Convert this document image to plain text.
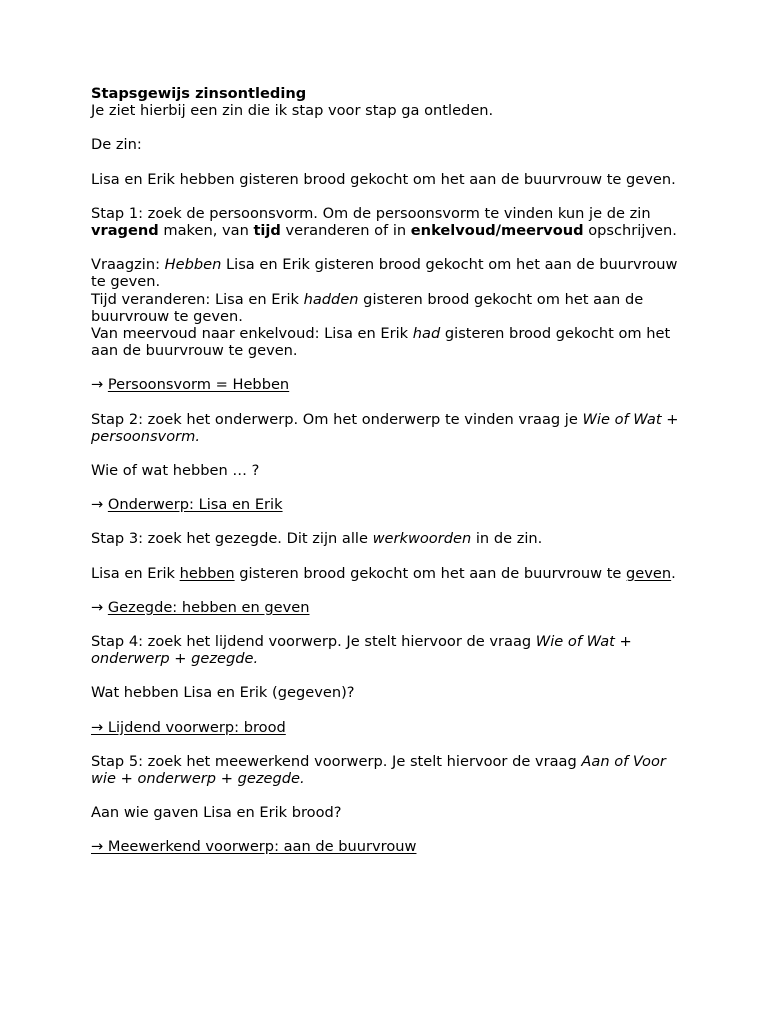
Stapsgewijs zinsontleding

Je ziet hierbij een zin die ik stap voor stap ga ontleden.

De zin:

Lisa en Erik hebben gisteren brood gekocht om het aan de buurvrouw te geven.

Stap 1: zoek de persoonsvorm. Om de persoonsvorm te vinden kun je de zin vragend maken, van tijd veranderen of in enkelvoud/meervoud opschrijven.

Vraagzin: Hebben Lisa en Erik gisteren brood gekocht om het aan de buurvrouw te geven.

Tijd veranderen: Lisa en Erik hadden gisteren brood gekocht om het aan de buurvrouw te geven.

Van meervoud naar enkelvoud: Lisa en Erik had gisteren brood gekocht om het aan de buurvrouw te geven.

→ Persoonsvorm = Hebben

Stap 2: zoek het onderwerp. Om het onderwerp te vinden vraag je Wie of Wat + persoonsvorm.

Wie of wat hebben … ?

→ Onderwerp: Lisa en Erik

Stap 3: zoek het gezegde. Dit zijn alle werkwoorden in de zin.

Lisa en Erik hebben gisteren brood gekocht om het aan de buurvrouw te geven.

→ Gezegde: hebben en geven

Stap 4: zoek het lijdend voorwerp. Je stelt hiervoor de vraag Wie of Wat + onderwerp + gezegde.

Wat hebben Lisa en Erik (gegeven)?

→ Lijdend voorwerp: brood

Stap 5: zoek het meewerkend voorwerp. Je stelt hiervoor de vraag Aan of Voor wie + onderwerp + gezegde.

Aan wie gaven Lisa en Erik brood?

→ Meewerkend voorwerp: aan de buurvrouw
